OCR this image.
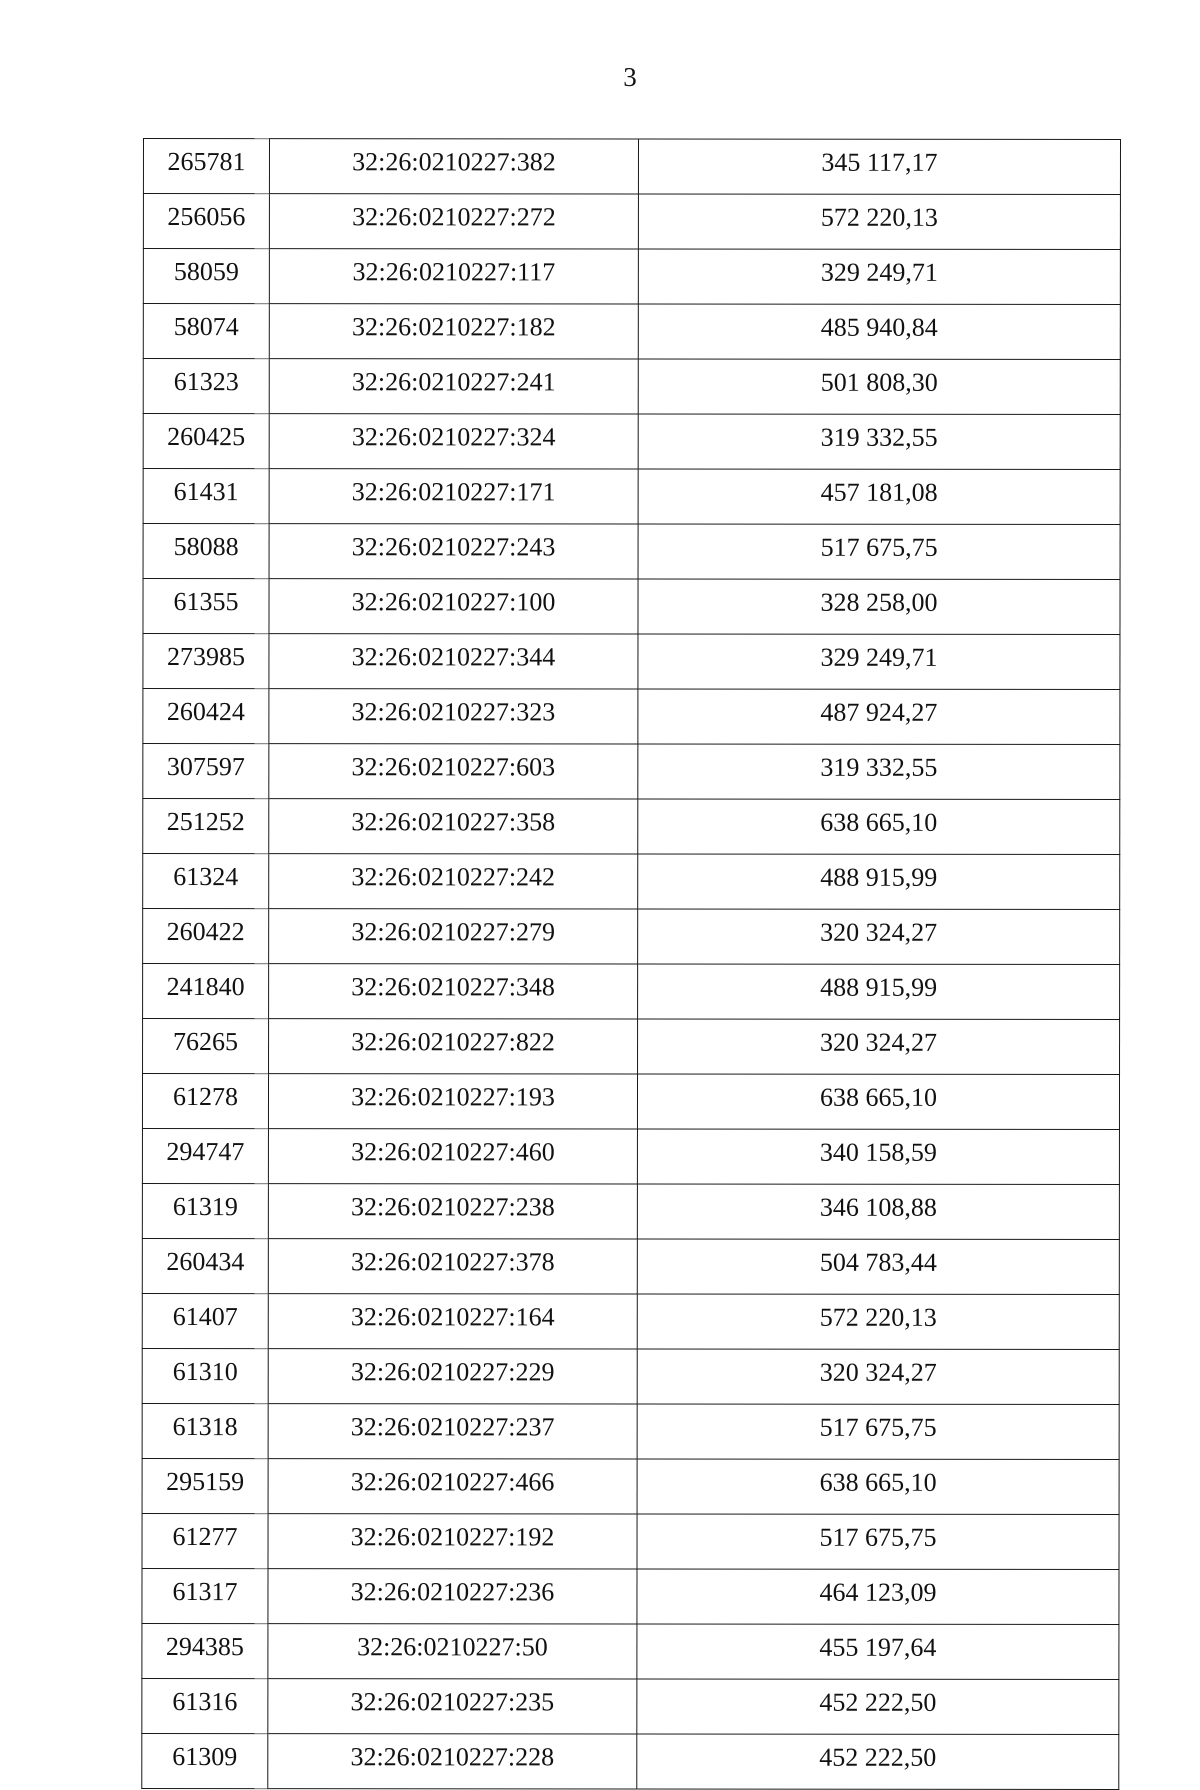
3
265781	32:26:0210227:382	345 117,17
256056	32:26:0210227:272	572 220,13
58059	32:26:0210227:117	329 249,71
58074	32:26:0210227:182	485 940,84
61323	32:26:0210227:241	501 808,30
260425	32:26:0210227:324	319 332,55
61431	32:26:0210227:171	457 181,08
58088	32:26:0210227:243	517 675,75
61355	32:26:0210227:100	328 258,00
273985	32:26:0210227:344	329 249,71
260424	32:26:0210227:323	487 924,27
307597	32:26:0210227:603	319 332,55
251252	32:26:0210227:358	638 665,10
61324	32:26:0210227:242	488 915,99
260422	32:26:0210227:279	320 324,27
241840	32:26:0210227:348	488 915,99
76265	32:26:0210227:822	320 324,27
61278	32:26:0210227:193	638 665,10
294747	32:26:0210227:460	340 158,59
61319	32:26:0210227:238	346 108,88
260434	32:26:0210227:378	504 783,44
61407	32:26:0210227:164	572 220,13
61310	32:26:0210227:229	320 324,27
61318	32:26:0210227:237	517 675,75
295159	32:26:0210227:466	638 665,10
61277	32:26:0210227:192	517 675,75
61317	32:26:0210227:236	464 123,09
294385	32:26:0210227:50	455 197,64
61316	32:26:0210227:235	452 222,50
61309	32:26:0210227:228	452 222,50
